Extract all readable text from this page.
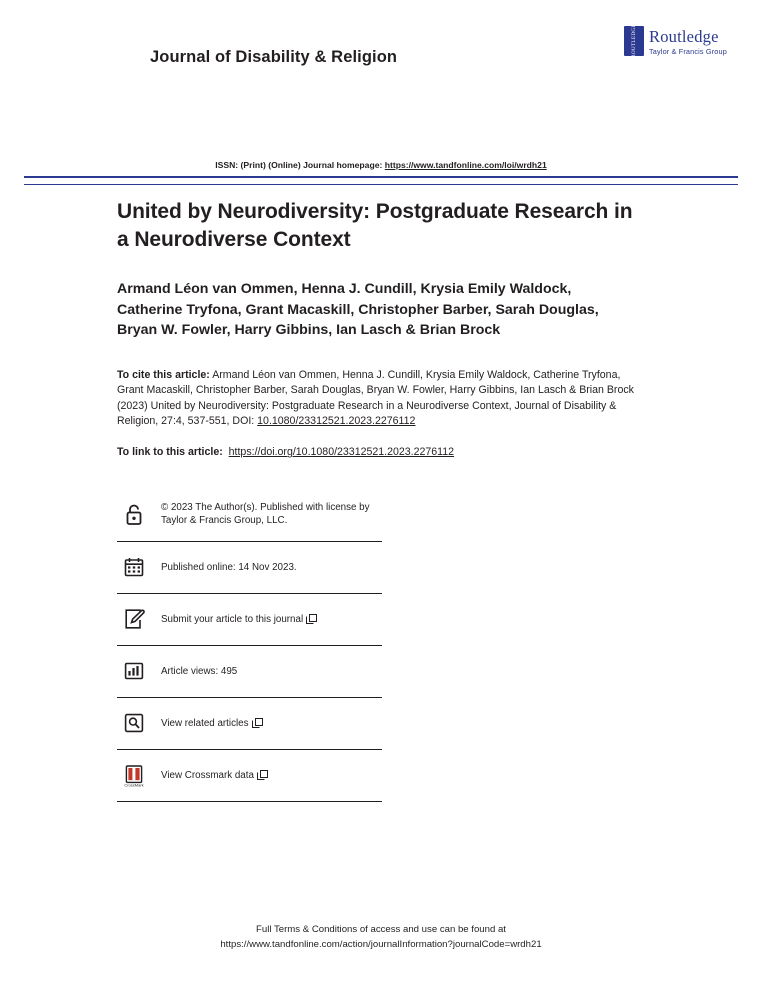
Journal of Disability & Religion	ROUTLEDGE Routledge
Taylor & Francis Group
ISSN: (Print) (Online) Journal homepage: https://www.tandfonline.com/loi/wrdh21
United by Neurodiversity: Postgraduate Research in a Neurodiverse Context
Armand Léon van Ommen, Henna J. Cundill, Krysia Emily Waldock, Catherine Tryfona, Grant Macaskill, Christopher Barber, Sarah Douglas, Bryan W. Fowler, Harry Gibbins, Ian Lasch & Brian Brock
To cite this article: Armand Léon van Ommen, Henna J. Cundill, Krysia Emily Waldock, Catherine Tryfona, Grant Macaskill, Christopher Barber, Sarah Douglas, Bryan W. Fowler, Harry Gibbins, Ian Lasch & Brian Brock (2023) United by Neurodiversity: Postgraduate Research in a Neurodiverse Context, Journal of Disability & Religion, 27:4, 537-551, DOI: 10.1080/23312521.2023.2276112
To link to this article: https://doi.org/10.1080/23312521.2023.2276112
© 2023 The Author(s). Published with license by Taylor & Francis Group, LLC.
Published online: 14 Nov 2023.
Submit your article to this journal
Article views: 495
View related articles
CrossMark
View Crossmark data
Full Terms & Conditions of access and use can be found at
https://www.tandfonline.com/action/journalInformation?journalCode=wrdh21
